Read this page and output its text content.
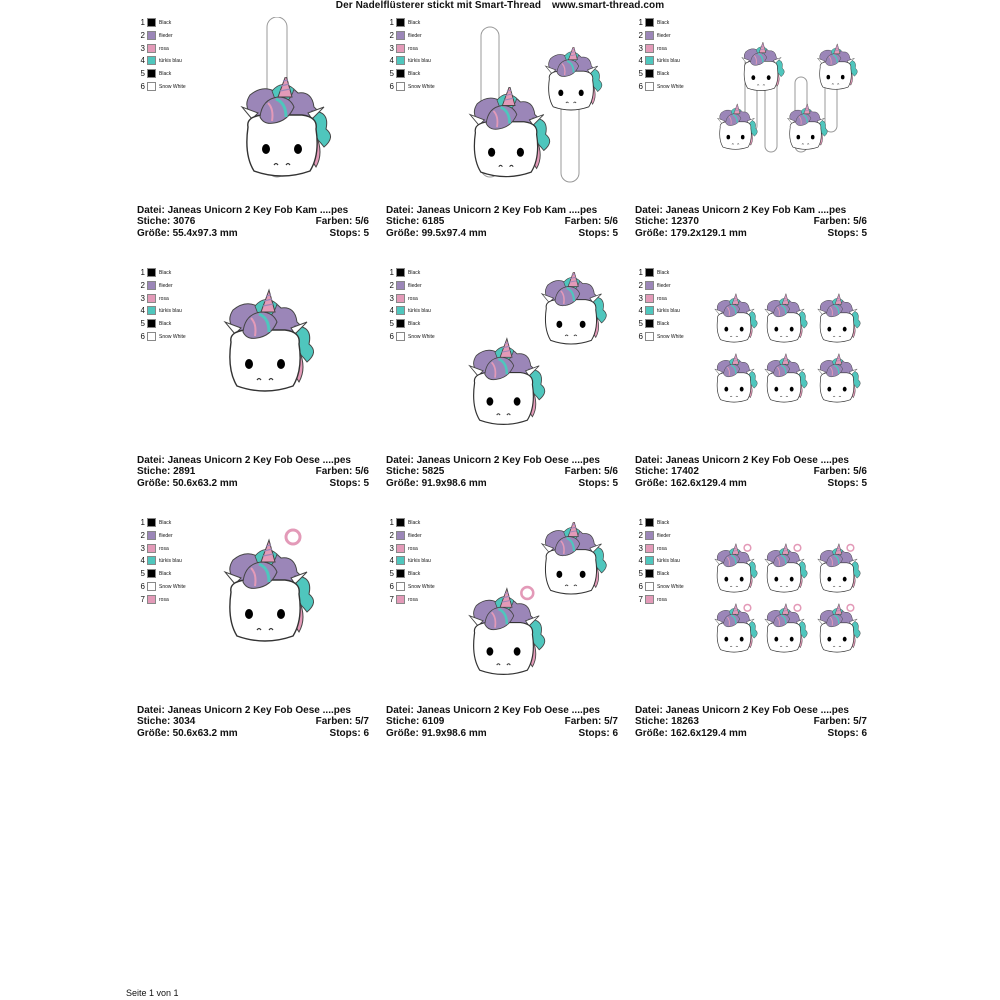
Der Nadelflüsterer stickt mit Smart-Thread www.smart-thread.com
1	Black
2	flieder
3	rosa
4	türkis blau
5	Black
6	Snow White
Datei: Janeas Unicorn 2 Key Fob Kam ....pes
Stiche: 3076	Farben: 5/6
Größe: 55.4x97.3 mm	Stops: 5
1	Black
2	flieder
3	rosa
4	türkis blau
5	Black
6	Snow White
Datei: Janeas Unicorn 2 Key Fob Kam ....pes
Stiche: 6185	Farben: 5/6
Größe: 99.5x97.4 mm	Stops: 5
1	Black
2	flieder
3	rosa
4	türkis blau
5	Black
6	Snow White
Datei: Janeas Unicorn 2 Key Fob Kam ....pes
Stiche: 12370	Farben: 5/6
Größe: 179.2x129.1 mm	Stops: 5
1	Black
2	flieder
3	rosa
4	türkis blau
5	Black
6	Snow White
Datei: Janeas Unicorn 2 Key Fob Oese ....pes
Stiche: 2891	Farben: 5/6
Größe: 50.6x63.2 mm	Stops: 5
1	Black
2	flieder
3	rosa
4	türkis blau
5	Black
6	Snow White
Datei: Janeas Unicorn 2 Key Fob Oese ....pes
Stiche: 5825	Farben: 5/6
Größe: 91.9x98.6 mm	Stops: 5
1	Black
2	flieder
3	rosa
4	türkis blau
5	Black
6	Snow White
Datei: Janeas Unicorn 2 Key Fob Oese ....pes
Stiche: 17402	Farben: 5/6
Größe: 162.6x129.4 mm	Stops: 5
1	Black
2	flieder
3	rosa
4	türkis blau
5	Black
6	Snow White
7	rosa
Datei: Janeas Unicorn 2 Key Fob Oese ....pes
Stiche: 3034	Farben: 5/7
Größe: 50.6x63.2 mm	Stops: 6
1	Black
2	flieder
3	rosa
4	türkis blau
5	Black
6	Snow White
7	rosa
Datei: Janeas Unicorn 2 Key Fob Oese ....pes
Stiche: 6109	Farben: 5/7
Größe: 91.9x98.6 mm	Stops: 6
1	Black
2	flieder
3	rosa
4	türkis blau
5	Black
6	Snow White
7	rosa
Datei: Janeas Unicorn 2 Key Fob Oese ....pes
Stiche: 18263	Farben: 5/7
Größe: 162.6x129.4 mm	Stops: 6
Seite 1 von 1
